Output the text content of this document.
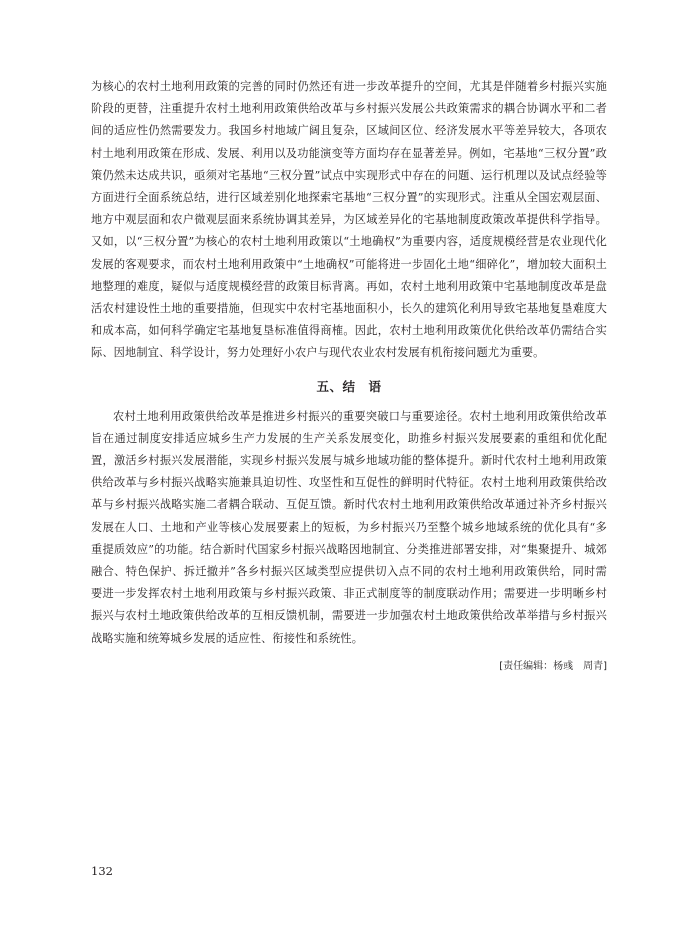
为核心的农村土地利用政策的完善的同时仍然还有进一步改革提升的空间，尤其是伴随着乡村振兴实施阶段的更替，注重提升农村土地利用政策供给改革与乡村振兴发展公共政策需求的耦合协调水平和二者间的适应性仍然需要发力。我国乡村地域广阔且复杂，区域间区位、经济发展水平等差异较大，各项农村土地利用政策在形成、发展、利用以及功能演变等方面均存在显著差异。例如，宅基地“三权分置”政策仍然未达成共识，亟须对宅基地“三权分置”试点中实现形式中存在的问题、运行机理以及试点经验等方面进行全面系统总结，进行区域差别化地探索宅基地“三权分置”的实现形式。注重从全国宏观层面、地方中观层面和农户微观层面来系统协调其差异，为区域差异化的宅基地制度政策改革提供科学指导。又如，以“三权分置”为核心的农村土地利用政策以“土地确权”为重要内容，适度规模经营是农业现代化发展的客观要求，而农村土地利用政策中“土地确权”可能将进一步固化土地“细碎化”，增加较大面积土地整理的难度，疑似与适度规模经营的政策目标背离。再如，农村土地利用政策中宅基地制度改革是盘活农村建设性土地的重要措施，但现实中农村宅基地面积小，长久的建筑化利用导致宅基地复垦难度大和成本高，如何科学确定宅基地复垦标准值得商榷。因此，农村土地利用政策优化供给改革仍需结合实际、因地制宜、科学设计，努力处理好小农户与现代农业农村发展有机衔接问题尤为重要。

五、结　语

农村土地利用政策供给改革是推进乡村振兴的重要突破口与重要途径。农村土地利用政策供给改革旨在通过制度安排适应城乡生产力发展的生产关系发展变化，助推乡村振兴发展要素的重组和优化配置，激活乡村振兴发展潜能，实现乡村振兴发展与城乡地域功能的整体提升。新时代农村土地利用政策供给改革与乡村振兴战略实施兼具迫切性、攻坚性和互促性的鲜明时代特征。农村土地利用政策供给改革与乡村振兴战略实施二者耦合联动、互促互馈。新时代农村土地利用政策供给改革通过补齐乡村振兴发展在人口、土地和产业等核心发展要素上的短板，为乡村振兴乃至整个城乡地域系统的优化具有“多重提质效应”的功能。结合新时代国家乡村振兴战略因地制宜、分类推进部署安排，对“集聚提升、城郊融合、特色保护、拆迁撤并”各乡村振兴区域类型应提供切入点不同的农村土地利用政策供给，同时需要进一步发挥农村土地利用政策与乡村振兴政策、非正式制度等的制度联动作用；需要进一步明晰乡村振兴与农村土地政策供给改革的互相反馈机制，需要进一步加强农村土地政策供给改革举措与乡村振兴战略实施和统筹城乡发展的适应性、衔接性和系统性。

[责任编辑：杨彧　周青]
132
